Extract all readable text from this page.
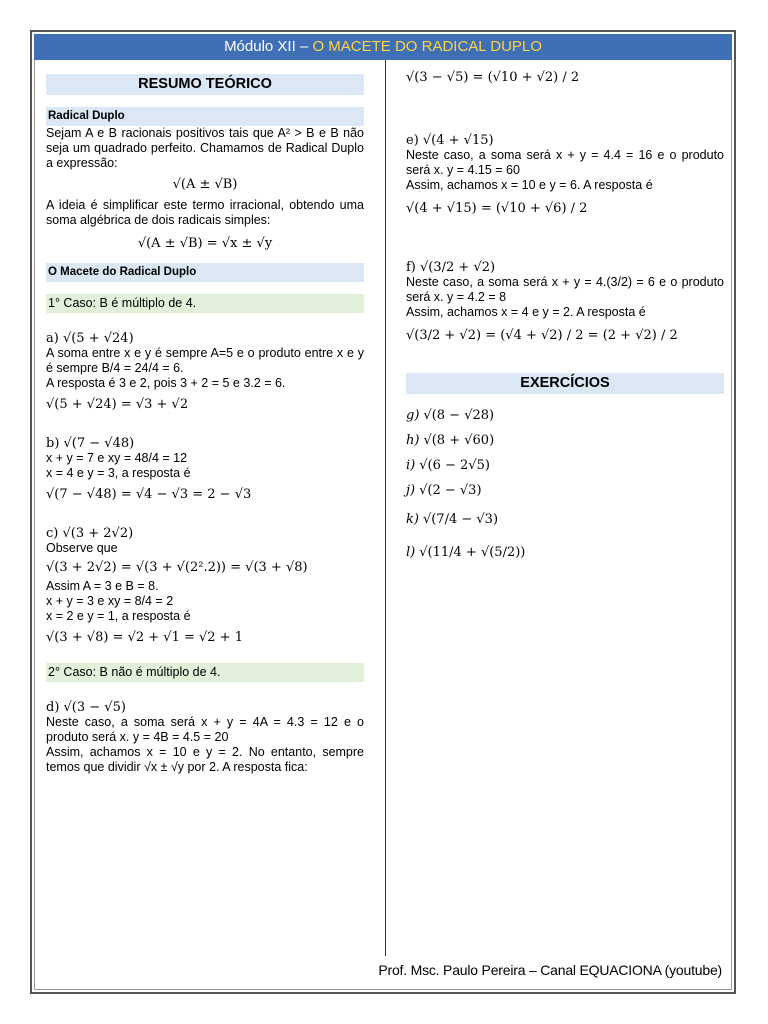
Módulo XII – O MACETE DO RADICAL DUPLO
RESUMO TEÓRICO
Radical Duplo
Sejam A e B racionais positivos tais que A² > B e B não seja um quadrado perfeito. Chamamos de Radical Duplo a expressão:
√(A ± √B)
A ideia é simplificar este termo irracional, obtendo uma soma algébrica de dois radicais simples:
√(A ± √B) = √x ± √y
O Macete do Radical Duplo
1° Caso: B é múltiplo de 4.
a) √(5 + √24)
A soma entre x e y é sempre A=5 e o produto entre x e y é sempre B/4 = 24/4 = 6.
A resposta é 3 e 2, pois 3 + 2 = 5 e 3.2 = 6.
√(5 + √24) = √3 + √2
b) √(7 − √48)
x + y = 7 e xy = 48/4 = 12
x = 4 e y = 3, a resposta é
√(7 − √48) = √4 − √3 = 2 − √3
c) √(3 + 2√2)
Observe que
√(3 + 2√2) = √(3 + √(2².2)) = √(3 + √8)
Assim A = 3 e B = 8.
x + y = 3 e xy = 8/4 = 2
x = 2 e y = 1, a resposta é
√(3 + √8) = √2 + √1 = √2 + 1
2° Caso: B não é múltiplo de 4.
d) √(3 − √5)
Neste caso, a soma será x + y = 4A = 4.3 = 12 e o produto será x. y = 4B = 4.5 = 20
Assim, achamos x = 10 e y = 2. No entanto, sempre temos que dividir √x ± √y por 2. A resposta fica:
√(3 − √5) = (√10 + √2) / 2
e) √(4 + √15)
Neste caso, a soma será x + y = 4.4 = 16 e o produto será x. y = 4.15 = 60
Assim, achamos x = 10 e y = 6. A resposta é
√(4 + √15) = (√10 + √6) / 2
f) √(3/2 + √2)
Neste caso, a soma será x + y = 4.(3/2) = 6 e o produto será x. y = 4.2 = 8
Assim, achamos x = 4 e y = 2. A resposta é
√(3/2 + √2) = (√4 + √2) / 2 = (2 + √2) / 2
EXERCÍCIOS
g) √(8 − √28)
h) √(8 + √60)
i) √(6 − 2√5)
j) √(2 − √3)
k) √(7/4 − √3)
l) √(11/4 + √(5/2))
Prof. Msc. Paulo Pereira – Canal EQUACIONA (youtube)
